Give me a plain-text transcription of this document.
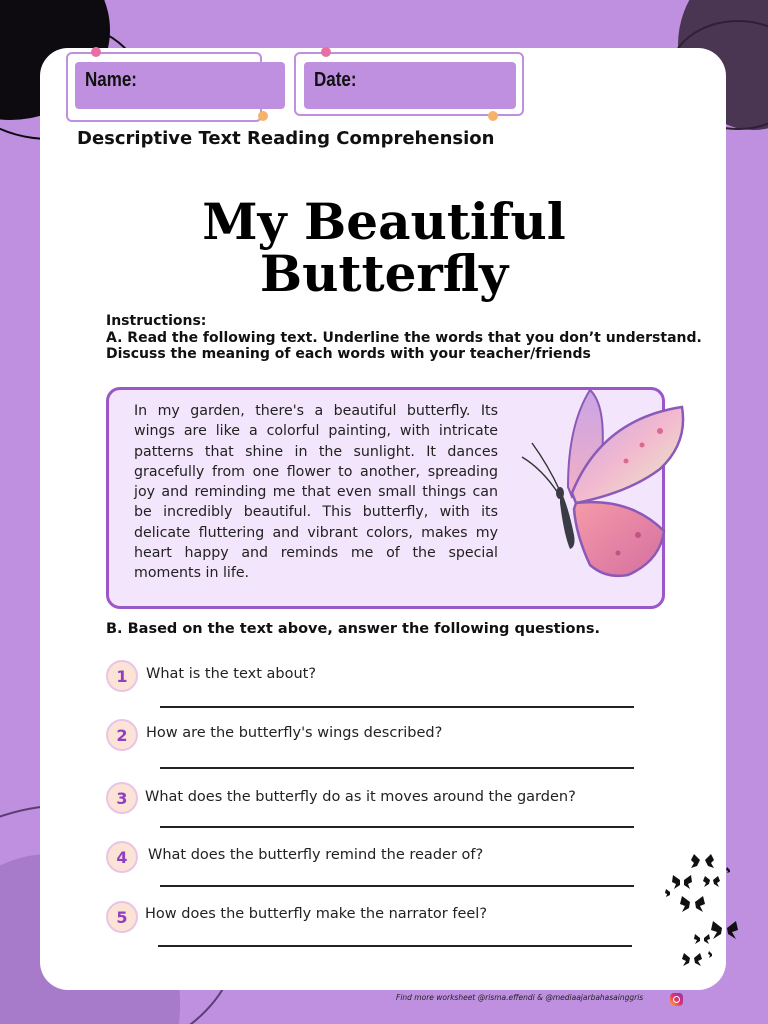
Name:	Date:
Descriptive Text Reading Comprehension
My Beautiful
Butterfly
Instructions:
A. Read the following text. Underline the words that you don’t understand.
Discuss the meaning of each words with your teacher/friends
In my garden, there's a beautiful butterfly. Its wings are like a colorful painting, with intricate patterns that shine in the sunlight. It dances gracefully from one flower to another, spreading joy and reminding me that even small things can be incredibly beautiful. This butterfly, with its delicate fluttering and vibrant colors, makes my heart happy and reminds me of the special moments in life.
B. Based on the text above, answer the following questions.
1	What is the text about?
2	How are the butterfly's wings described?
3	What does the butterfly do as it moves around the garden?
4	What does the butterfly remind the reader of?
5	How does the butterfly make the narrator feel?
Find more worksheet @risma.effendi & @mediaajarbahasainggris
